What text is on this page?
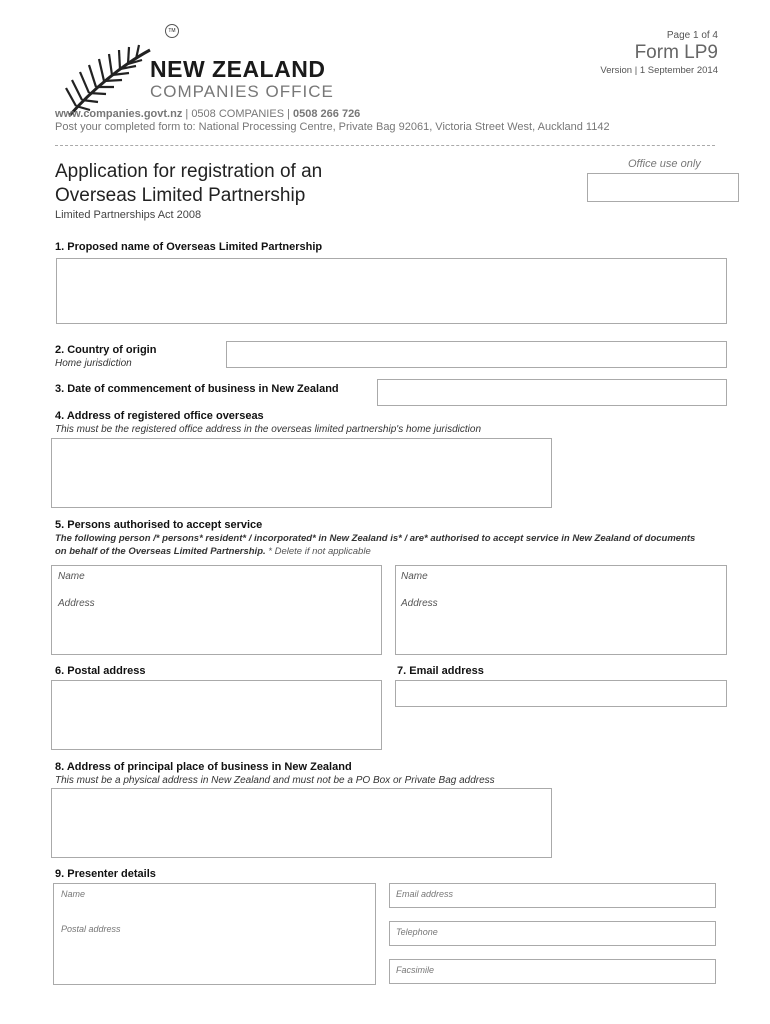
TM
NEW ZEALAND
COMPANIES OFFICE
Page 1 of 4
Form LP9
Version | 1 September 2014
www.companies.govt.nz | 0508 COMPANIES | 0508 266 726
Post your completed form to: National Processing Centre, Private Bag 92061, Victoria Street West, Auckland 1142
Application for registration of an
Overseas Limited Partnership
Limited Partnerships Act 2008
Office use only
1. Proposed name of Overseas Limited Partnership
2. Country of origin
Home jurisdiction
3. Date of commencement of business in New Zealand
4. Address of registered office overseas
This must be the registered office address in the overseas limited partnership's home jurisdiction
5. Persons authorised to accept service
The following person /* persons* resident* / incorporated* in New Zealand is* / are* authorised to accept service in New Zealand of documents
on behalf of the Overseas Limited Partnership. * Delete if not applicable
Name
Address
Name
Address
6. Postal address	7. Email address
8. Address of principal place of business in New Zealand
This must be a physical address in New Zealand and must not be a PO Box or Private Bag address
9. Presenter details
Name
Postal address
Email address
Telephone
Facsimile
